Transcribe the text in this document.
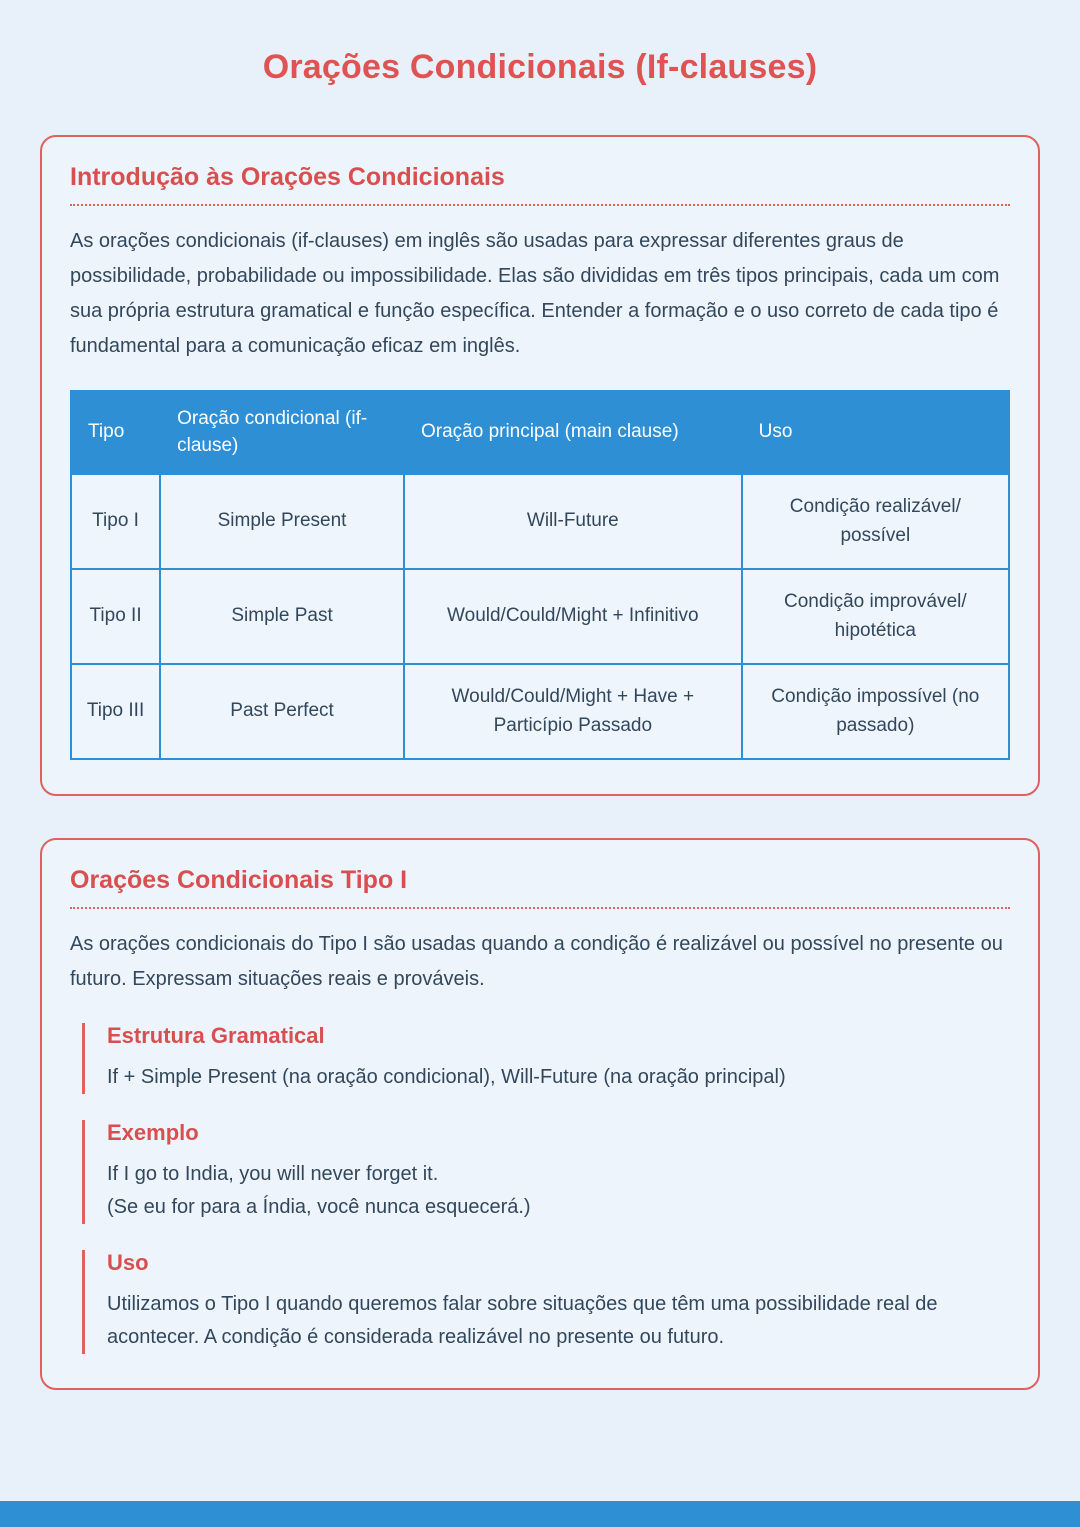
Orações Condicionais (If-clauses)
Introdução às Orações Condicionais

As orações condicionais (if-clauses) em inglês são usadas para expressar diferentes graus de possibilidade, probabilidade ou impossibilidade. Elas são divididas em três tipos principais, cada um com sua própria estrutura gramatical e função específica. Entender a formação e o uso correto de cada tipo é fundamental para a comunicação eficaz em inglês.

Tipo	Oração condicional (if-clause)	Oração principal (main clause)	Uso
Tipo I	Simple Present	Will-Future	Condição realizável/ possível
Tipo II	Simple Past	Would/Could/Might + Infinitivo	Condição improvável/ hipotética
Tipo III	Past Perfect	Would/Could/Might + Have + Particípio Passado	Condição impossível (no passado)
Orações Condicionais Tipo I

As orações condicionais do Tipo I são usadas quando a condição é realizável ou possível no presente ou futuro. Expressam situações reais e prováveis.

Estrutura Gramatical

If + Simple Present (na oração condicional), Will-Future (na oração principal)

Exemplo

If I go to India, you will never forget it.

(Se eu for para a Índia, você nunca esquecerá.)

Uso

Utilizamos o Tipo I quando queremos falar sobre situações que têm uma possibilidade real de acontecer. A condição é considerada realizável no presente ou futuro.
